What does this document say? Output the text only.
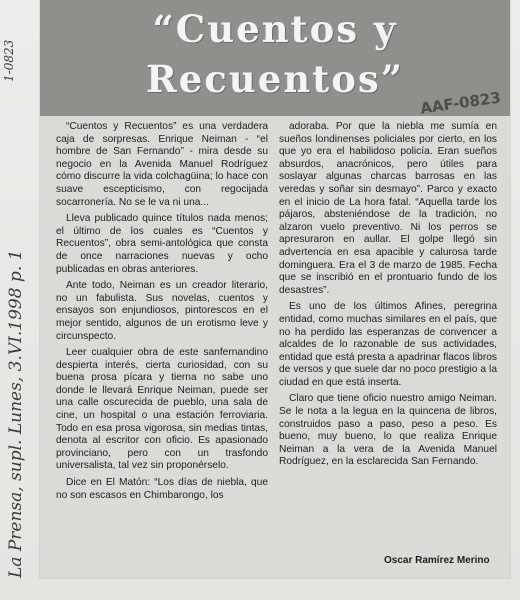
“Cuentos y
Recuentos”
AAF-0823
1-0823
La Prensa, supl. Lunes, 3.VI.1998 p. 1

“Cuentos y Recuentos” es una verdadera caja de sorpresas. Enrique Neiman - “el hombre de San Fernando” - mira desde su negocio en la Avenida Manuel Rodríguez cómo discurre la vida colchagüina; lo hace con suave escepticismo, con regocijada socarronería. No se le va ni una...

Lleva publicado quince títulos nada menos; el último de los cuales es “Cuentos y Recuentos”, obra semi-antológica que consta de once narraciones nuevas y ocho publicadas en obras anteriores.

Ante todo, Neiman es un creador literario, no un fabulista. Sus novelas, cuentos y ensayos son enjundiosos, pintorescos en el mejor sentido, algunos de un erotismo leve y circunspecto.

Leer cualquier obra de este sanfernandino despierta interés, cierta curiosidad, con su buena prosa pícara y tierna no sabe uno donde le llevará Enrique Neiman, puede ser una calle oscurecida de pueblo, una sala de cine, un hospital o una estación ferroviaria. Todo en esa prosa vigorosa, sin medias tintas, denota al escritor con oficio. Es apasionado provinciano, pero con un trasfondo universalista, tal vez sin proponérselo.

Dice en El Matón: “Los días de niebla, que no son escasos en Chimbarongo, los

adoraba. Por que la niebla me sumía en sueños londinenses policiales por cierto, en los que yo era el habilidoso policía. Eran sueños absurdos, anacrónicos, pero útiles para soslayar algunas charcas barrosas en las veredas y soñar sin desmayo”. Parco y exacto en el inicio de La hora fatal. “Aquella tarde los pájaros, absteniéndose de la tradición, no alzaron vuelo preventivo. Ni los perros se apresuraron en aullar. El golpe llegó sin advertencia en esa apacible y calurosa tarde dominguera. Era el 3 de marzo de 1985. Fecha que se inscribió en el prontuario fundo de los desastres”.

Es uno de los últimos Afines, peregrina entidad, como muchas similares en el país, que no ha perdido las esperanzas de convencer a alcaldes de lo razonable de sus actividades, entidad que está presta a apadrinar flacos libros de versos y que suele dar no poco prestigio a la ciudad en que está inserta.

Claro que tiene oficio nuestro amigo Neiman. Se le nota a la legua en la quincena de libros, construidos paso a paso, peso a peso. Es bueno, muy bueno, lo que realiza Enrique Neiman a la vera de la Avenida Manuel Rodríguez, en la esclarecida San Fernando.

Oscar Ramírez Merino
